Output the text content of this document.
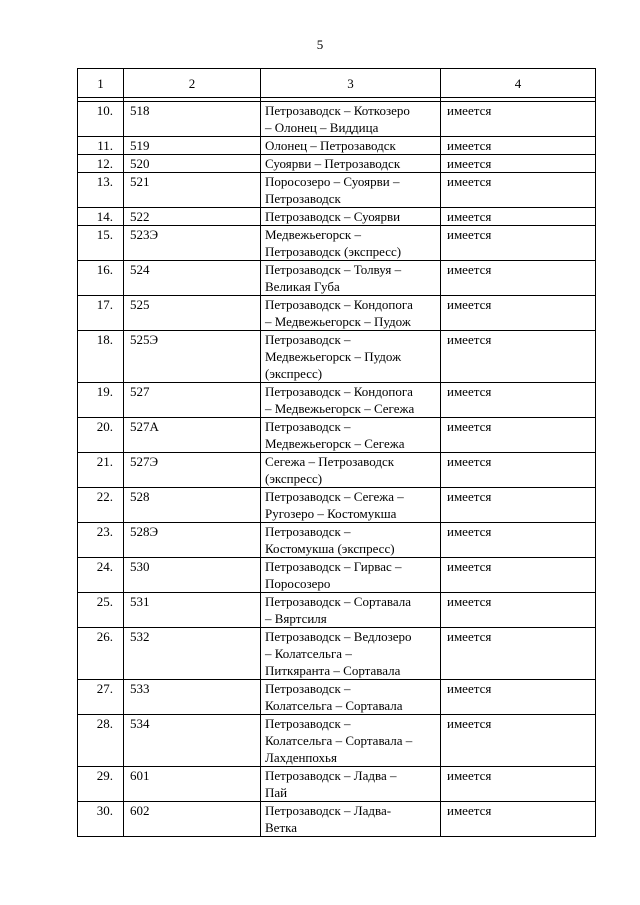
5
1	2	3	4

10.	518	Петрозаводск – Коткозеро
– Олонец – Виддица	имеется
11.	519	Олонец – Петрозаводск	имеется
12.	520	Суоярви – Петрозаводск	имеется
13.	521	Поросозеро – Суоярви –
Петрозаводск	имеется
14.	522	Петрозаводск – Суоярви	имеется
15.	523Э	Медвежьегорск –
Петрозаводск (экспресс)	имеется
16.	524	Петрозаводск – Толвуя –
Великая Губа	имеется
17.	525	Петрозаводск – Кондопога
– Медвежьегорск – Пудож	имеется
18.	525Э	Петрозаводск –
Медвежьегорск – Пудож
(экспресс)	имеется
19.	527	Петрозаводск – Кондопога
– Медвежьегорск – Сегежа	имеется
20.	527А	Петрозаводск –
Медвежьегорск – Сегежа	имеется
21.	527Э	Сегежа – Петрозаводск
(экспресс)	имеется
22.	528	Петрозаводск – Сегежа –
Ругозеро – Костомукша	имеется
23.	528Э	Петрозаводск –
Костомукша (экспресс)	имеется
24.	530	Петрозаводск – Гирвас –
Поросозеро	имеется
25.	531	Петрозаводск – Сортавала
– Вяртсиля	имеется
26.	532	Петрозаводск – Ведлозеро
– Колатсельга –
Питкяранта – Сортавала	имеется
27.	533	Петрозаводск –
Колатсельга – Сортавала	имеется
28.	534	Петрозаводск –
Колатсельга – Сортавала –
Лахденпохья	имеется
29.	601	Петрозаводск – Ладва –
Пай	имеется
30.	602	Петрозаводск – Ладва-
Ветка	имеется
